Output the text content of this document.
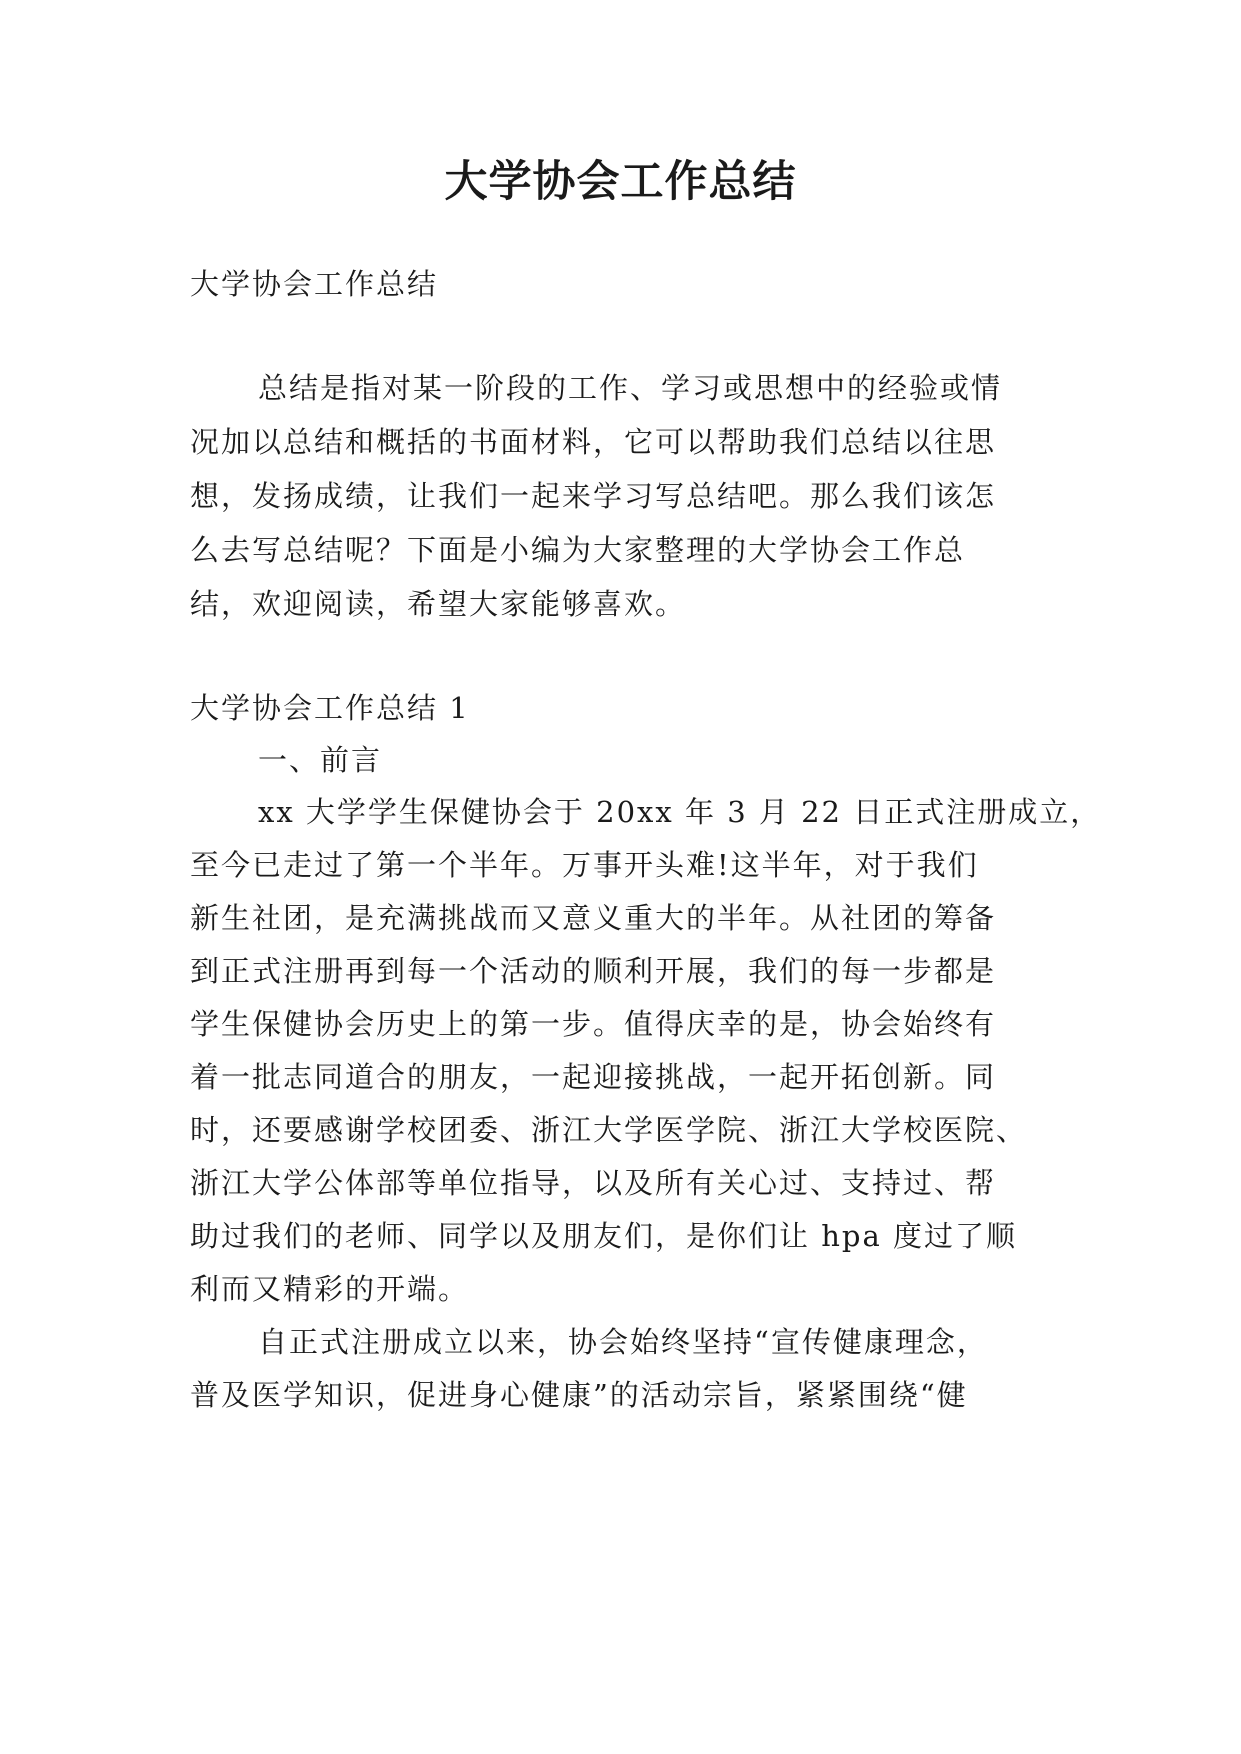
大学协会工作总结

大学协会工作总结

总结是指对某一阶段的工作、学习或思想中的经验或情

况加以总结和概括的书面材料，它可以帮助我们总结以往思

想，发扬成绩，让我们一起来学习写总结吧。那么我们该怎

么去写总结呢？下面是小编为大家整理的大学协会工作总

结，欢迎阅读，希望大家能够喜欢。

大学协会工作总结 1

一、前言

xx 大学学生保健协会于 20xx 年 3 月 22 日正式注册成立，

至今已走过了第一个半年。万事开头难!这半年，对于我们

新生社团，是充满挑战而又意义重大的半年。从社团的筹备

到正式注册再到每一个活动的顺利开展，我们的每一步都是

学生保健协会历史上的第一步。值得庆幸的是，协会始终有

着一批志同道合的朋友，一起迎接挑战，一起开拓创新。同

时，还要感谢学校团委、浙江大学医学院、浙江大学校医院、

浙江大学公体部等单位指导，以及所有关心过、支持过、帮

助过我们的老师、同学以及朋友们，是你们让 hpa 度过了顺

利而又精彩的开端。

自正式注册成立以来，协会始终坚持“宣传健康理念，

普及医学知识，促进身心健康”的活动宗旨，紧紧围绕“健
